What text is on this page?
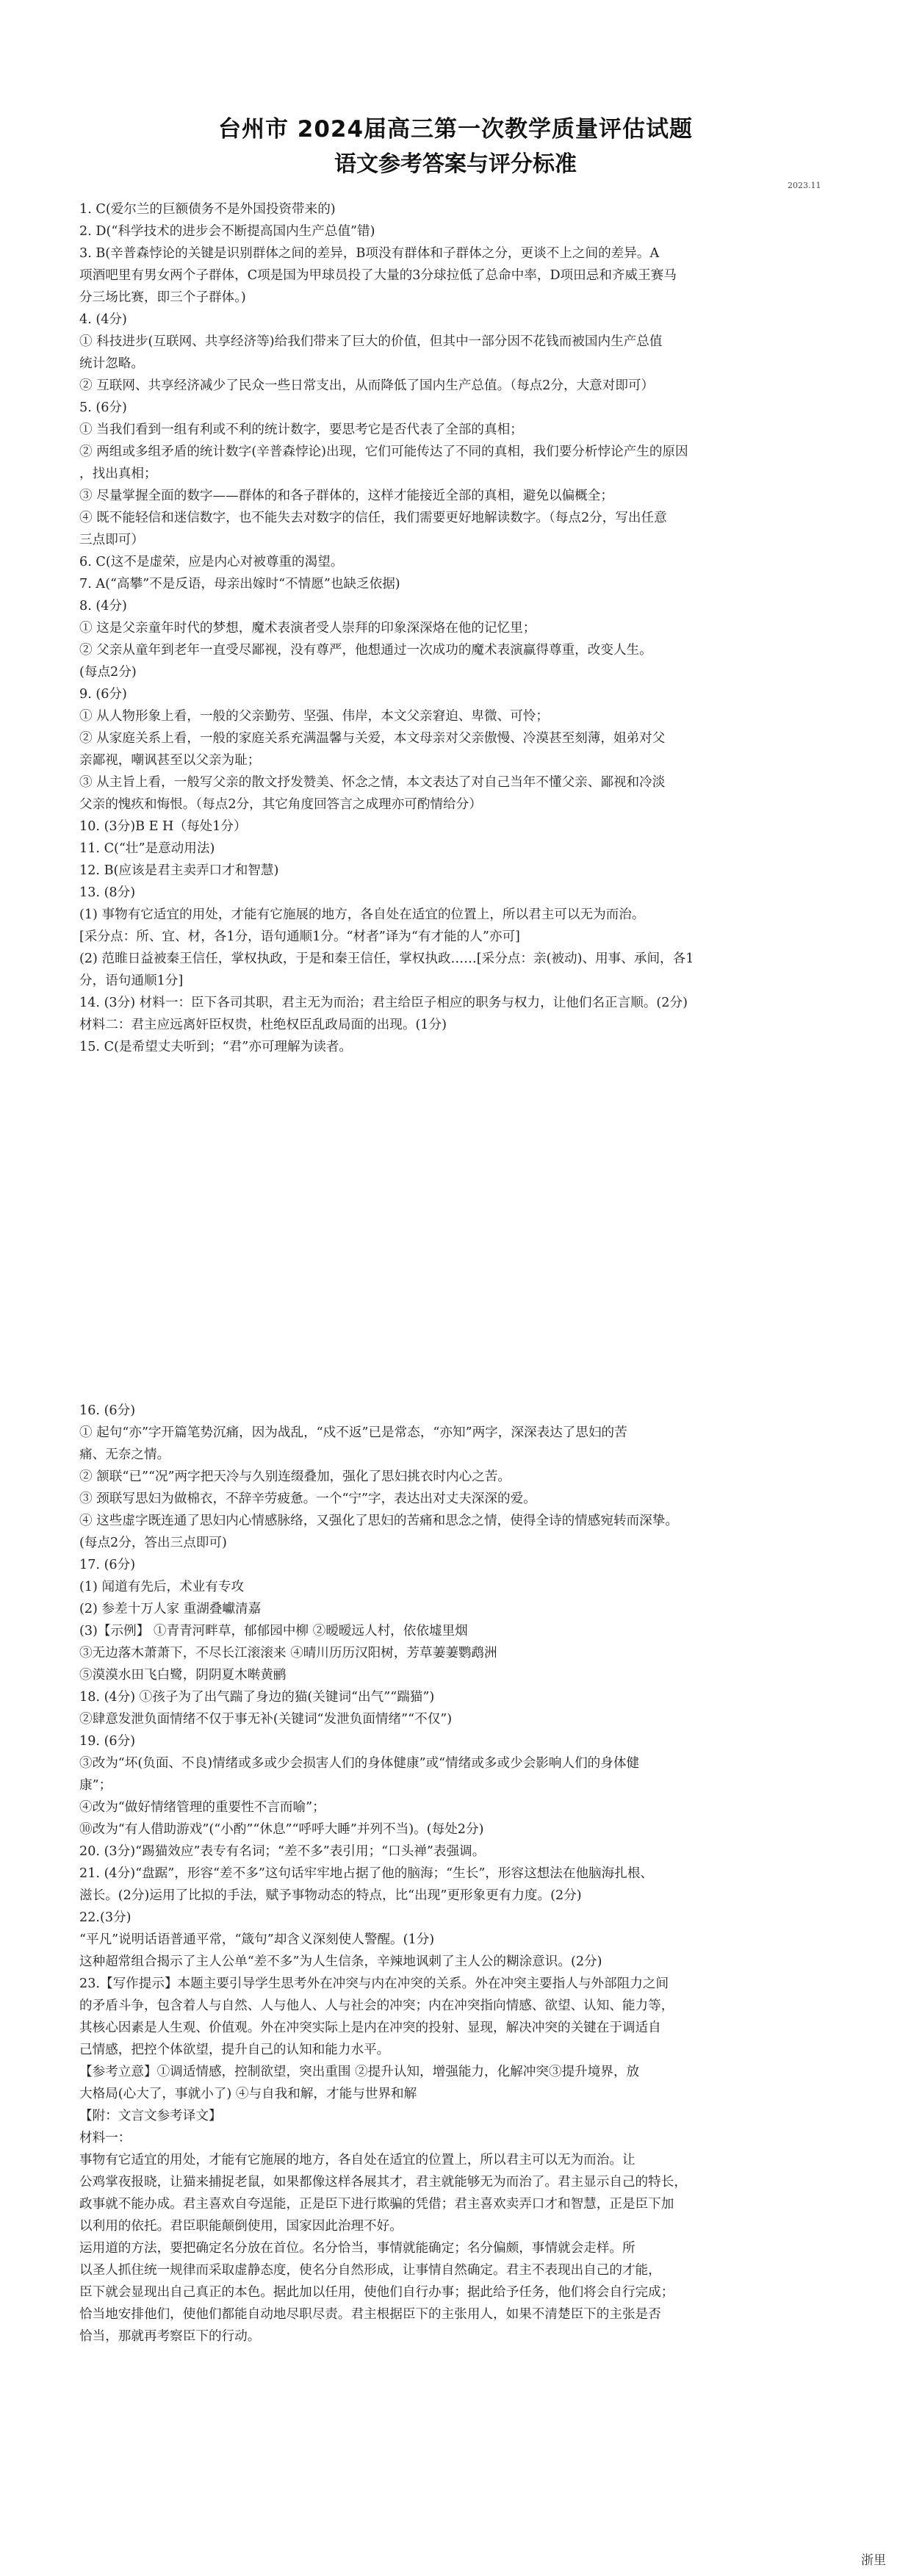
台州市 2024届高三第一次教学质量评估试题
语文参考答案与评分标准
2023.11
1. C(爱尔兰的巨额债务不是外国投资带来的)
2. D(“科学技术的进步会不断提高国内生产总值”错)
3. B(辛普森悖论的关键是识别群体之间的差异，B项没有群体和子群体之分，更谈不上之间的差异。A
项酒吧里有男女两个子群体，C项是国为甲球员投了大量的3分球拉低了总命中率，D项田忌和齐威王赛马
分三场比赛，即三个子群体。)
4. (4分)
① 科技进步(互联网、共享经济等)给我们带来了巨大的价值，但其中一部分因不花钱而被国内生产总值
统计忽略。
② 互联网、共享经济减少了民众一些日常支出，从而降低了国内生产总值。（每点2分，大意对即可）
5. (6分)
① 当我们看到一组有利或不利的统计数字，要思考它是否代表了全部的真相；
② 两组或多组矛盾的统计数字(辛普森悖论)出现，它们可能传达了不同的真相，我们要分析悖论产生的原因
，找出真相；
③ 尽量掌握全面的数字——群体的和各子群体的，这样才能接近全部的真相，避免以偏概全；
④ 既不能轻信和迷信数字，也不能失去对数字的信任，我们需要更好地解读数字。（每点2分，写出任意
三点即可）
6. C(这不是虚荣，应是内心对被尊重的渴望。
7. A(“高攀”不是反语，母亲出嫁时“不情愿”也缺乏依据)
8. (4分)
① 这是父亲童年时代的梦想，魔术表演者受人崇拜的印象深深烙在他的记忆里；
② 父亲从童年到老年一直受尽鄙视，没有尊严，他想通过一次成功的魔术表演赢得尊重，改变人生。
(每点2分)
9. (6分)
① 从人物形象上看，一般的父亲勤劳、坚强、伟岸，本文父亲窘迫、卑微、可怜；
② 从家庭关系上看，一般的家庭关系充满温馨与关爱，本文母亲对父亲傲慢、冷漠甚至刻薄，姐弟对父
亲鄙视，嘲讽甚至以父亲为耻；
③ 从主旨上看，一般写父亲的散文抒发赞美、怀念之情，本文表达了对自己当年不懂父亲、鄙视和冷淡
父亲的愧疚和悔恨。（每点2分，其它角度回答言之成理亦可酌情给分）
10. (3分)B E H（每处1分）
11. C(“壮”是意动用法)
12. B(应该是君主卖弄口才和智慧)
13. (8分)
(1) 事物有它适宜的用处，才能有它施展的地方，各自处在适宜的位置上，所以君主可以无为而治。
[采分点：所、宜、材，各1分，语句通顺1分。“材者”译为“有才能的人”亦可]
(2) 范睢日益被秦王信任，掌权执政，于是和秦王信任，掌权执政……[采分点：亲(被动)、用事、承间，各1
分，语句通顺1分]
14. (3分) 材料一：臣下各司其职，君主无为而治；君主给臣子相应的职务与权力，让他们名正言顺。(2分)
材料二：君主应远离奸臣权贵，杜绝权臣乱政局面的出现。(1分)
15. C(是希望丈夫听到；“君”亦可理解为读者。
16. (6分)
① 起句“亦”字开篇笔势沉痛，因为战乱，“戍不返”已是常态，“亦知”两字，深深表达了思妇的苦
痛、无奈之情。
② 颔联“已”“况”两字把天冷与久别连缀叠加，强化了思妇挑衣时内心之苦。
③ 颈联写思妇为做棉衣，不辞辛劳疲惫。一个“宁”字，表达出对丈夫深深的爱。
④ 这些虚字既连通了思妇内心情感脉络，又强化了思妇的苦痛和思念之情，使得全诗的情感宛转而深挚。
(每点2分，答出三点即可)
17. (6分)
(1) 闻道有先后，术业有专攻
(2) 参差十万人家 重湖叠巘清嘉
(3)【示例】 ①青青河畔草，郁郁园中柳 ②暧暧远人村，依依墟里烟
③无边落木萧萧下，不尽长江滚滚来 ④晴川历历汉阳树，芳草萋萋鹦鹉洲
⑤漠漠水田飞白鹭，阴阴夏木啭黄鹂
18. (4分) ①孩子为了出气踹了身边的猫(关键词“出气”“踹猫”)
②肆意发泄负面情绪不仅于事无补(关键词“发泄负面情绪”“不仅”)
19. (6分)
③改为“坏(负面、不良)情绪或多或少会损害人们的身体健康”或“情绪或多或少会影响人们的身体健
康”；
④改为“做好情绪管理的重要性不言而喻”；
⑩改为“有人借助游戏”(“小酌”“休息”“呼呼大睡”并列不当)。(每处2分)
20. (3分)“踢猫效应”表专有名词；“差不多”表引用；“口头禅”表强调。
21. (4分)“盘踞”，形容“差不多”这句话牢牢地占据了他的脑海；“生长”，形容这想法在他脑海扎根、
滋长。(2分)运用了比拟的手法，赋予事物动态的特点，比“出现”更形象更有力度。(2分)
22.(3分)
“平凡”说明话语普通平常，“箴句”却含义深刻使人警醒。(1分)
这种超常组合揭示了主人公单“差不多”为人生信条，辛辣地讽刺了主人公的糊涂意识。(2分)
23.【写作提示】本题主要引导学生思考外在冲突与内在冲突的关系。外在冲突主要指人与外部阻力之间
的矛盾斗争，包含着人与自然、人与他人、人与社会的冲突；内在冲突指向情感、欲望、认知、能力等，
其核心因素是人生观、价值观。外在冲突实际上是内在冲突的投射、显现，解决冲突的关键在于调适自
己情感，把控个体欲望，提升自己的认知和能力水平。
【参考立意】①调适情感，控制欲望，突出重围 ②提升认知，增强能力，化解冲突③提升境界，放
大格局(心大了，事就小了) ④与自我和解，才能与世界和解
【附：文言文参考译文】
材料一：
事物有它适宜的用处，才能有它施展的地方，各自处在适宜的位置上，所以君主可以无为而治。让
公鸡掌夜报晓，让猫来捕捉老鼠，如果都像这样各展其才，君主就能够无为而治了。君主显示自己的特长，
政事就不能办成。君主喜欢自夸逞能，正是臣下进行欺骗的凭借；君主喜欢卖弄口才和智慧，正是臣下加
以利用的依托。君臣职能颠倒使用，国家因此治理不好。
运用道的方法，要把确定名分放在首位。名分恰当，事情就能确定；名分偏颇，事情就会走样。所
以圣人抓住统一规律而采取虚静态度，使名分自然形成，让事情自然确定。君主不表现出自己的才能，
臣下就会显现出自己真正的本色。据此加以任用，使他们自行办事；据此给予任务，他们将会自行完成；
恰当地安排他们，使他们都能自动地尽职尽责。君主根据臣下的主张用人，如果不清楚臣下的主张是否
恰当，那就再考察臣下的行动。
浙里
